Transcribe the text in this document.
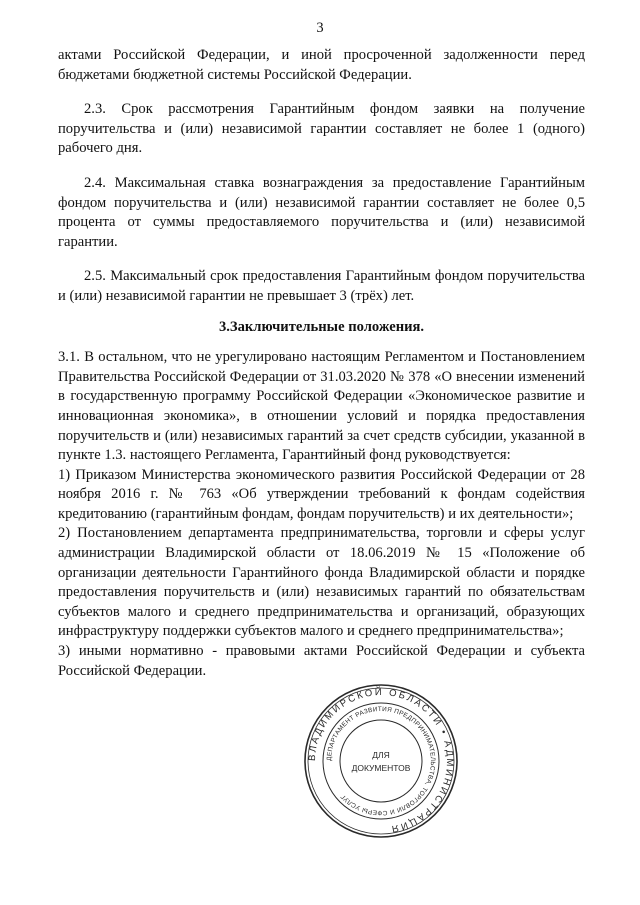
3

актами Российской Федерации, и иной просроченной задолженности перед бюджетами бюджетной системы Российской Федерации.

2.3. Срок рассмотрения Гарантийным фондом заявки на получение поручительства и (или) независимой гарантии составляет не более 1 (одного) рабочего дня.

2.4. Максимальная ставка вознаграждения за предоставление Гарантийным фондом поручительства и (или) независимой гарантии составляет не более 0,5 процента от суммы предоставляемого поручительства и (или) независимой гарантии.

2.5. Максимальный срок предоставления Гарантийным фондом поручительства и (или) независимой гарантии не превышает 3 (трёх) лет.

3.Заключительные положения.

3.1. В остальном, что не урегулировано настоящим Регламентом и Постановлением Правительства Российской Федерации от 31.03.2020 № 378 «О внесении изменений в государственную программу Российской Федерации «Экономическое развитие и инновационная экономика», в отношении условий и порядка предоставления поручительств и (или) независимых гарантий за счет средств субсидии, указанной в пункте 1.3. настоящего Регламента, Гарантийный фонд руководствуется:

1) Приказом Министерства экономического развития Российской Федерации от 28 ноября 2016 г. № 763 «Об утверждении требований к фондам содействия кредитованию (гарантийным фондам, фондам поручительств) и их деятельности»;

2) Постановлением департамента предпринимательства, торговли и сферы услуг администрации Владимирской области от 18.06.2019 № 15 «Положение об организации деятельности Гарантийного фонда Владимирской области и порядке предоставления поручительств и (или) независимых гарантий по обязательствам субъектов малого и среднего предпринимательства и организаций, образующих инфраструктуру поддержки субъектов малого и среднего предпринимательства»;

3) иными нормативно - правовыми актами Российской Федерации и субъекта Российской Федерации.

ВЛАДИМИРСКОЙ ОБЛАСТИ • АДМИНИСТРАЦИЯ
ДЕПАРТАМЕНТ РАЗВИТИЯ ПРЕДПРИНИМАТЕЛЬСТВА, ТОРГОВЛИ И СФЕРЫ УСЛУГ
ДЛЯ
ДОКУМЕНТОВ
